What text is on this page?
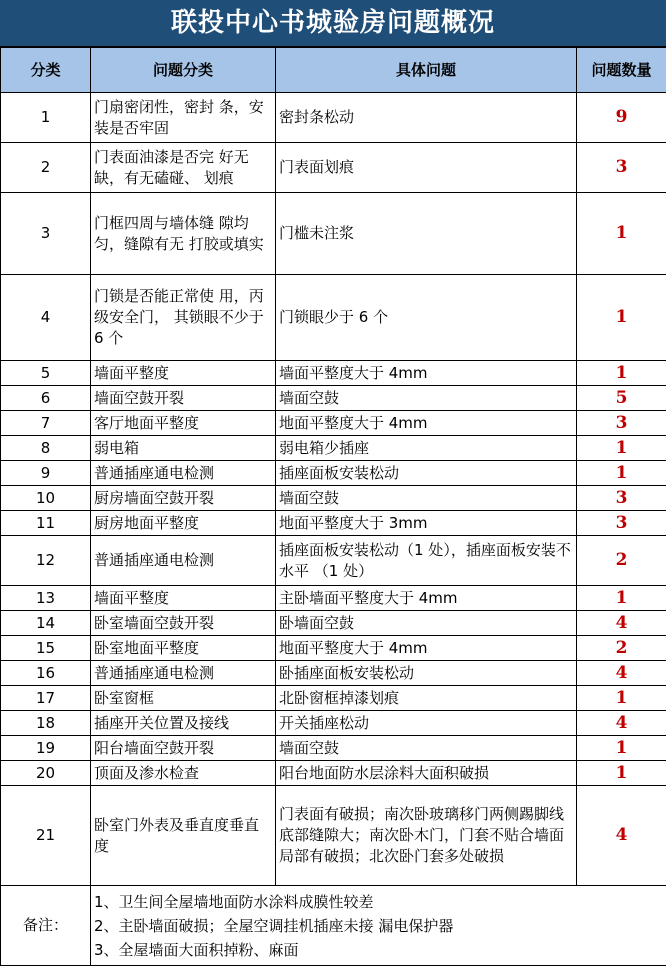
联投中心书城验房问题概况
分类	问题分类	具体问题	问题数量
1	门扇密闭性，密封 条，安装是否牢固	密封条松动	9
2	门表面油漆是否完 好无缺，有无磕碰、 划痕	门表面划痕	3
3	门框四周与墙体缝 隙均匀，缝隙有无 打胶或填实	门槛未注浆	1
4	门锁是否能正常使 用，丙级安全门， 其锁眼不少于 6 个	门锁眼少于 6 个	1
5	墙面平整度	墙面平整度大于 4mm	1
6	墙面空鼓开裂	墙面空鼓	5
7	客厅地面平整度	地面平整度大于 4mm	3
8	弱电箱	弱电箱少插座	1
9	普通插座通电检测	插座面板安装松动	1
10	厨房墙面空鼓开裂	墙面空鼓	3
11	厨房地面平整度	地面平整度大于 3mm	3
12	普通插座通电检测	插座面板安装松动（1 处），插座面板安装不水平 （1 处）	2
13	墙面平整度	主卧墙面平整度大于 4mm	1
14	卧室墙面空鼓开裂	卧墙面空鼓	4
15	卧室地面平整度	地面平整度大于 4mm	2
16	普通插座通电检测	卧插座面板安装松动	4
17	卧室窗框	北卧窗框掉漆划痕	1
18	插座开关位置及接线	开关插座松动	4
19	阳台墙面空鼓开裂	墙面空鼓	1
20	顶面及渗水检查	阳台地面防水层涂料大面积破损	1
21	卧室门外表及垂直度垂直 度	门表面有破损；南次卧玻璃移门两侧踢脚线底部缝隙大；南次卧木门，门套不贴合墙面局部有破损；北次卧门套多处破损	4
备注：	1、卫生间全屋墙地面防水涂料成膜性较差
2、主卧墙面破损；全屋空调挂机插座未接 漏电保护器
3、全屋墙面大面积掉粉、麻面		
